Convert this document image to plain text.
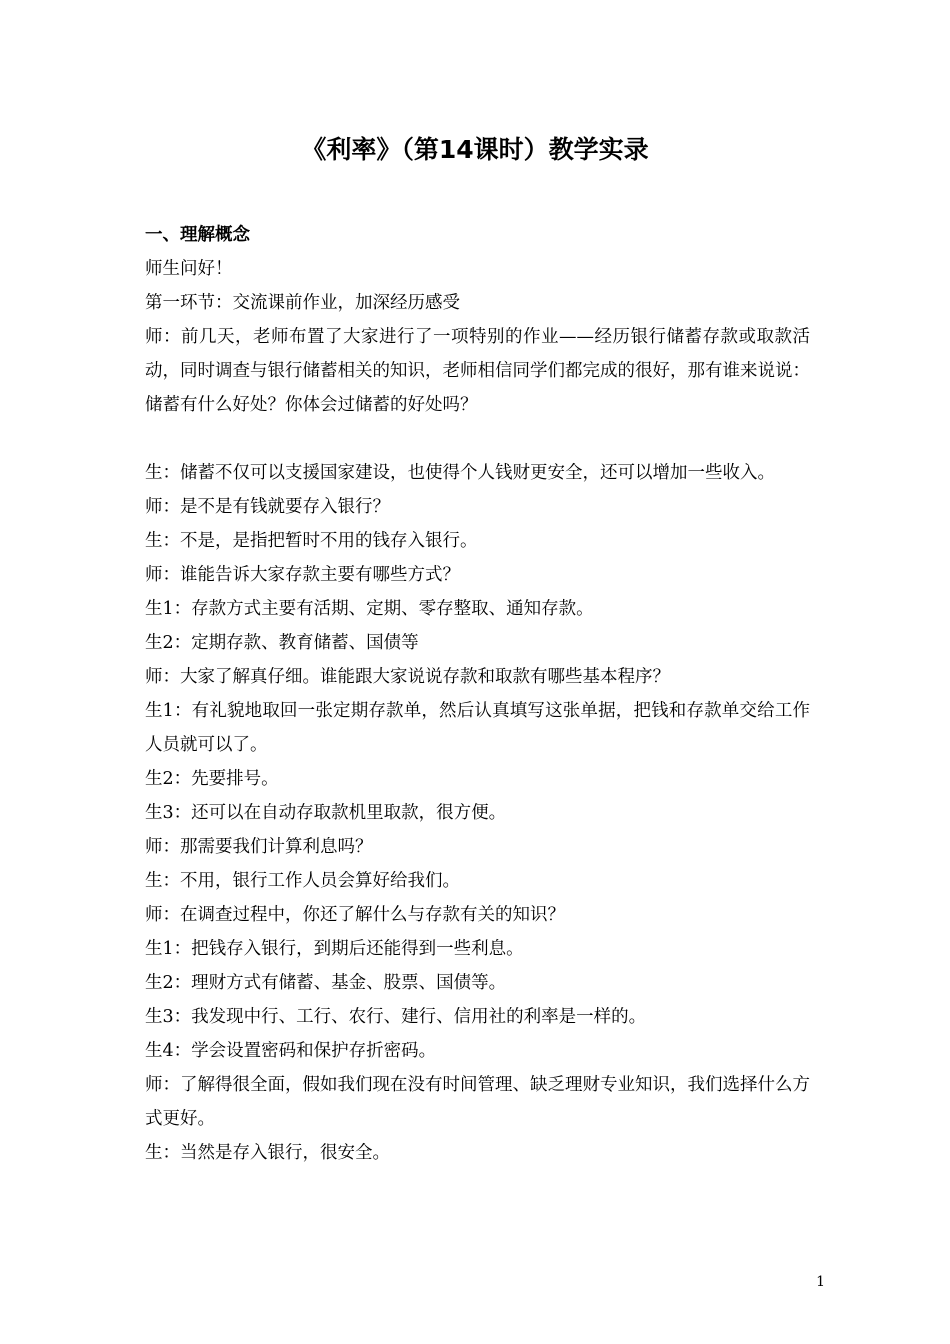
《利率》（第14课时）教学实录

一、理解概念

师生问好！

第一环节：交流课前作业，加深经历感受

师：前几天，老师布置了大家进行了一项特别的作业——经历银行储蓄存款或取款活动，同时调查与银行储蓄相关的知识，老师相信同学们都完成的很好，那有谁来说说：储蓄有什么好处？你体会过储蓄的好处吗？

生：储蓄不仅可以支援国家建设，也使得个人钱财更安全，还可以增加一些收入。

师：是不是有钱就要存入银行？

生：不是，是指把暂时不用的钱存入银行。

师：谁能告诉大家存款主要有哪些方式？

生1：存款方式主要有活期、定期、零存整取、通知存款。

生2：定期存款、教育储蓄、国债等

师：大家了解真仔细。谁能跟大家说说存款和取款有哪些基本程序？

生1：有礼貌地取回一张定期存款单，然后认真填写这张单据，把钱和存款单交给工作人员就可以了。

生2：先要排号。

生3：还可以在自动存取款机里取款，很方便。

师：那需要我们计算利息吗？

生：不用，银行工作人员会算好给我们。

师：在调查过程中，你还了解什么与存款有关的知识？

生1：把钱存入银行，到期后还能得到一些利息。

生2：理财方式有储蓄、基金、股票、国债等。

生3：我发现中行、工行、农行、建行、信用社的利率是一样的。

生4：学会设置密码和保护存折密码。

师：了解得很全面，假如我们现在没有时间管理、缺乏理财专业知识，我们选择什么方式更好。

生：当然是存入银行，很安全。

1
